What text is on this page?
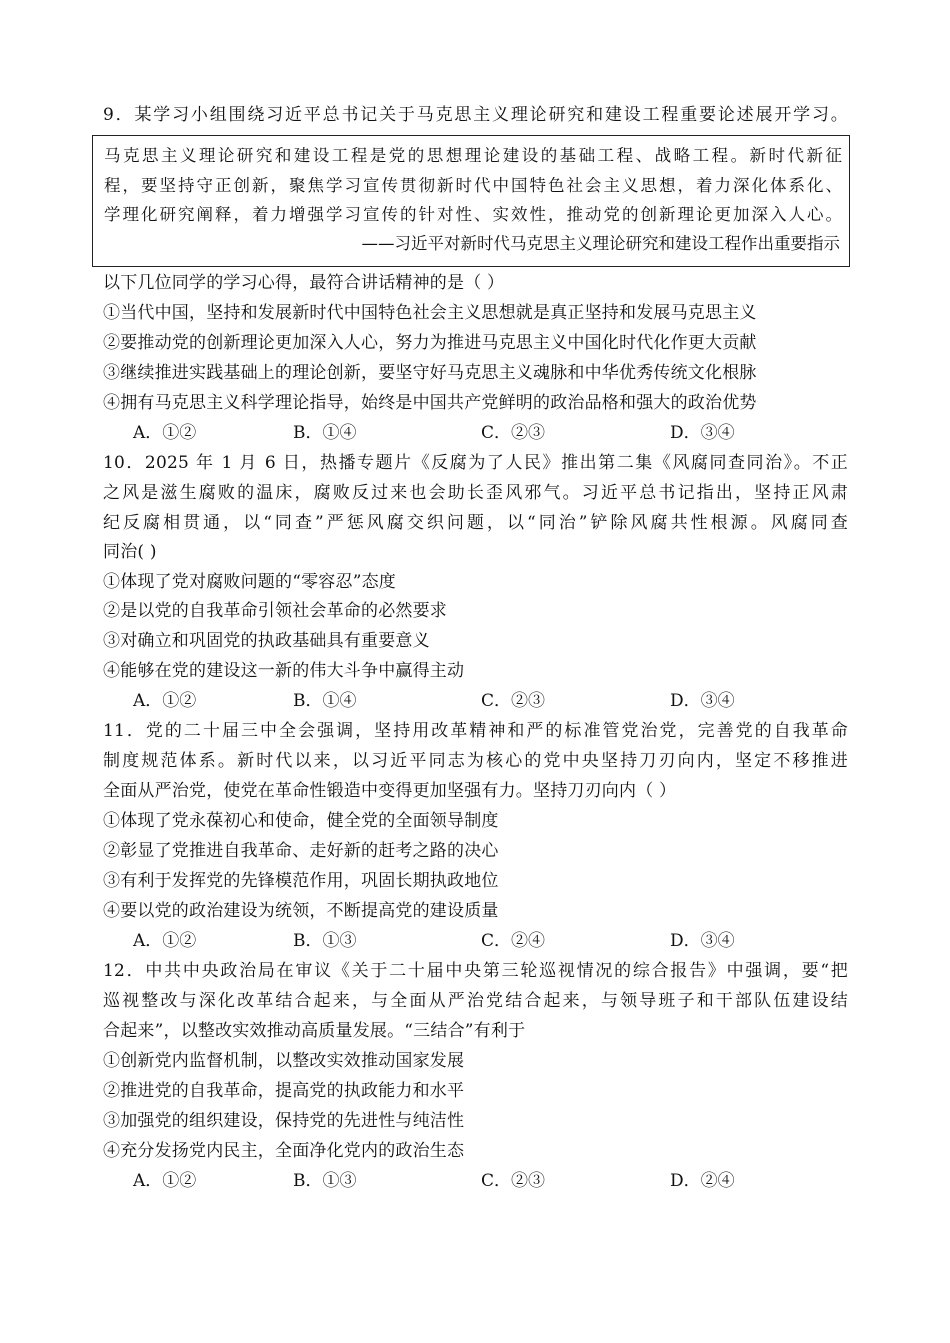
9．某学习小组围绕习近平总书记关于马克思主义理论研究和建设工程重要论述展开学习。
马克思主义理论研究和建设工程是党的思想理论建设的基础工程、战略工程。新时代新征
程，要坚持守正创新，聚焦学习宣传贯彻新时代中国特色社会主义思想，着力深化体系化、
学理化研究阐释，着力增强学习宣传的针对性、实效性，推动党的创新理论更加深入人心。
——习近平对新时代马克思主义理论研究和建设工程作出重要指示
以下几位同学的学习心得，最符合讲话精神的是（ ）
①当代中国，坚持和发展新时代中国特色社会主义思想就是真正坚持和发展马克思主义
②要推动党的创新理论更加深入人心，努力为推进马克思主义中国化时代化作更大贡献
③继续推进实践基础上的理论创新，要坚守好马克思主义魂脉和中华优秀传统文化根脉
④拥有马克思主义科学理论指导，始终是中国共产党鲜明的政治品格和强大的政治优势
A．①②	B．①④	C．②③	D．③④
10．2025 年 1 月 6 日，热播专题片《反腐为了人民》推出第二集《风腐同查同治》。不正
之风是滋生腐败的温床，腐败反过来也会助长歪风邪气。习近平总书记指出，坚持正风肃
纪反腐相贯通，以“同查”严惩风腐交织问题，以“同治”铲除风腐共性根源。风腐同查
同治( )
①体现了党对腐败问题的“零容忍”态度
②是以党的自我革命引领社会革命的必然要求
③对确立和巩固党的执政基础具有重要意义
④能够在党的建设这一新的伟大斗争中赢得主动
A．①②	B．①④	C．②③	D．③④
11．党的二十届三中全会强调，坚持用改革精神和严的标准管党治党，完善党的自我革命
制度规范体系。新时代以来，以习近平同志为核心的党中央坚持刀刃向内，坚定不移推进
全面从严治党，使党在革命性锻造中变得更加坚强有力。坚持刀刃向内（ ）
①体现了党永葆初心和使命，健全党的全面领导制度
②彰显了党推进自我革命、走好新的赶考之路的决心
③有利于发挥党的先锋模范作用，巩固长期执政地位
④要以党的政治建设为统领，不断提高党的建设质量
A．①②	B．①③	C．②④	D．③④
12．中共中央政治局在审议《关于二十届中央第三轮巡视情况的综合报告》中强调，要“把
巡视整改与深化改革结合起来，与全面从严治党结合起来，与领导班子和干部队伍建设结
合起来”，以整改实效推动高质量发展。“三结合”有利于
①创新党内监督机制，以整改实效推动国家发展
②推进党的自我革命，提高党的执政能力和水平
③加强党的组织建设，保持党的先进性与纯洁性
④充分发扬党内民主，全面净化党内的政治生态
A．①②	B．①③	C．②③	D．②④
